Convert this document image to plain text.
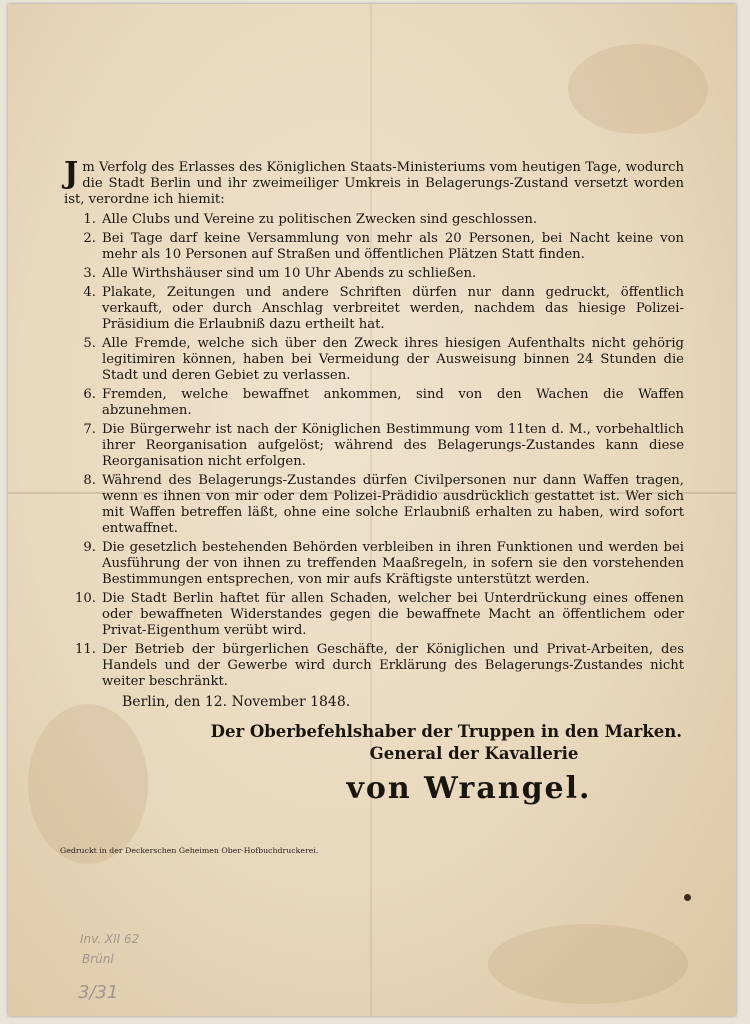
J m Verfolg des Erlasses des Königlichen Staats-Ministeriums vom heutigen Tage, wodurch die Stadt Berlin und ihr zweimeiliger Umkreis in Belagerungs-Zustand versetzt worden ist, verordne ich hiemit:

1. Alle Clubs und Vereine zu politischen Zwecken sind geschlossen.
2. Bei Tage darf keine Versammlung von mehr als 20 Personen, bei Nacht keine von mehr als 10 Personen auf Straßen und öffentlichen Plätzen Statt finden.
3. Alle Wirthshäuser sind um 10 Uhr Abends zu schließen.
4. Plakate, Zeitungen und andere Schriften dürfen nur dann gedruckt, öffentlich verkauft, oder durch Anschlag verbreitet werden, nachdem das hiesige Polizei-Präsidium die Erlaubniß dazu ertheilt hat.
5. Alle Fremde, welche sich über den Zweck ihres hiesigen Aufenthalts nicht gehörig legitimiren können, haben bei Vermeidung der Ausweisung binnen 24 Stunden die Stadt und deren Gebiet zu verlassen.
6. Fremden, welche bewaffnet ankommen, sind von den Wachen die Waffen abzunehmen.
7. Die Bürgerwehr ist nach der Königlichen Bestimmung vom 11ten d. M., vorbehaltlich ihrer Reorganisation aufgelöst; während des Belagerungs-Zustandes kann diese Reorganisation nicht erfolgen.
8. Während des Belagerungs-Zustandes dürfen Civilpersonen nur dann Waffen tragen, wenn es ihnen von mir oder dem Polizei-Prädidio ausdrücklich gestattet ist. Wer sich mit Waffen betreffen läßt, ohne eine solche Erlaubniß erhalten zu haben, wird sofort entwaffnet.
9. Die gesetzlich bestehenden Behörden verbleiben in ihren Funktionen und werden bei Ausführung der von ihnen zu treffenden Maaßregeln, in sofern sie den vorstehenden Bestimmungen entsprechen, von mir aufs Kräftigste unterstützt werden.
10. Die Stadt Berlin haftet für allen Schaden, welcher bei Unterdrückung eines offenen oder bewaffneten Widerstandes gegen die bewaffnete Macht an öffentlichem oder Privat-Eigenthum verübt wird.
11. Der Betrieb der bürgerlichen Geschäfte, der Königlichen und Privat-Arbeiten, des Handels und der Gewerbe wird durch Erklärung des Belagerungs-Zustandes nicht weiter beschränkt.
Berlin, den 12. November 1848.
Der Oberbefehlshaber der Truppen in den Marken.
General der Kavallerie
von Wrangel.
Gedruckt in der Deckerschen Geheimen Ober-Hofbuchdruckerei.
Inv. XII 62
Brünl
3/31
